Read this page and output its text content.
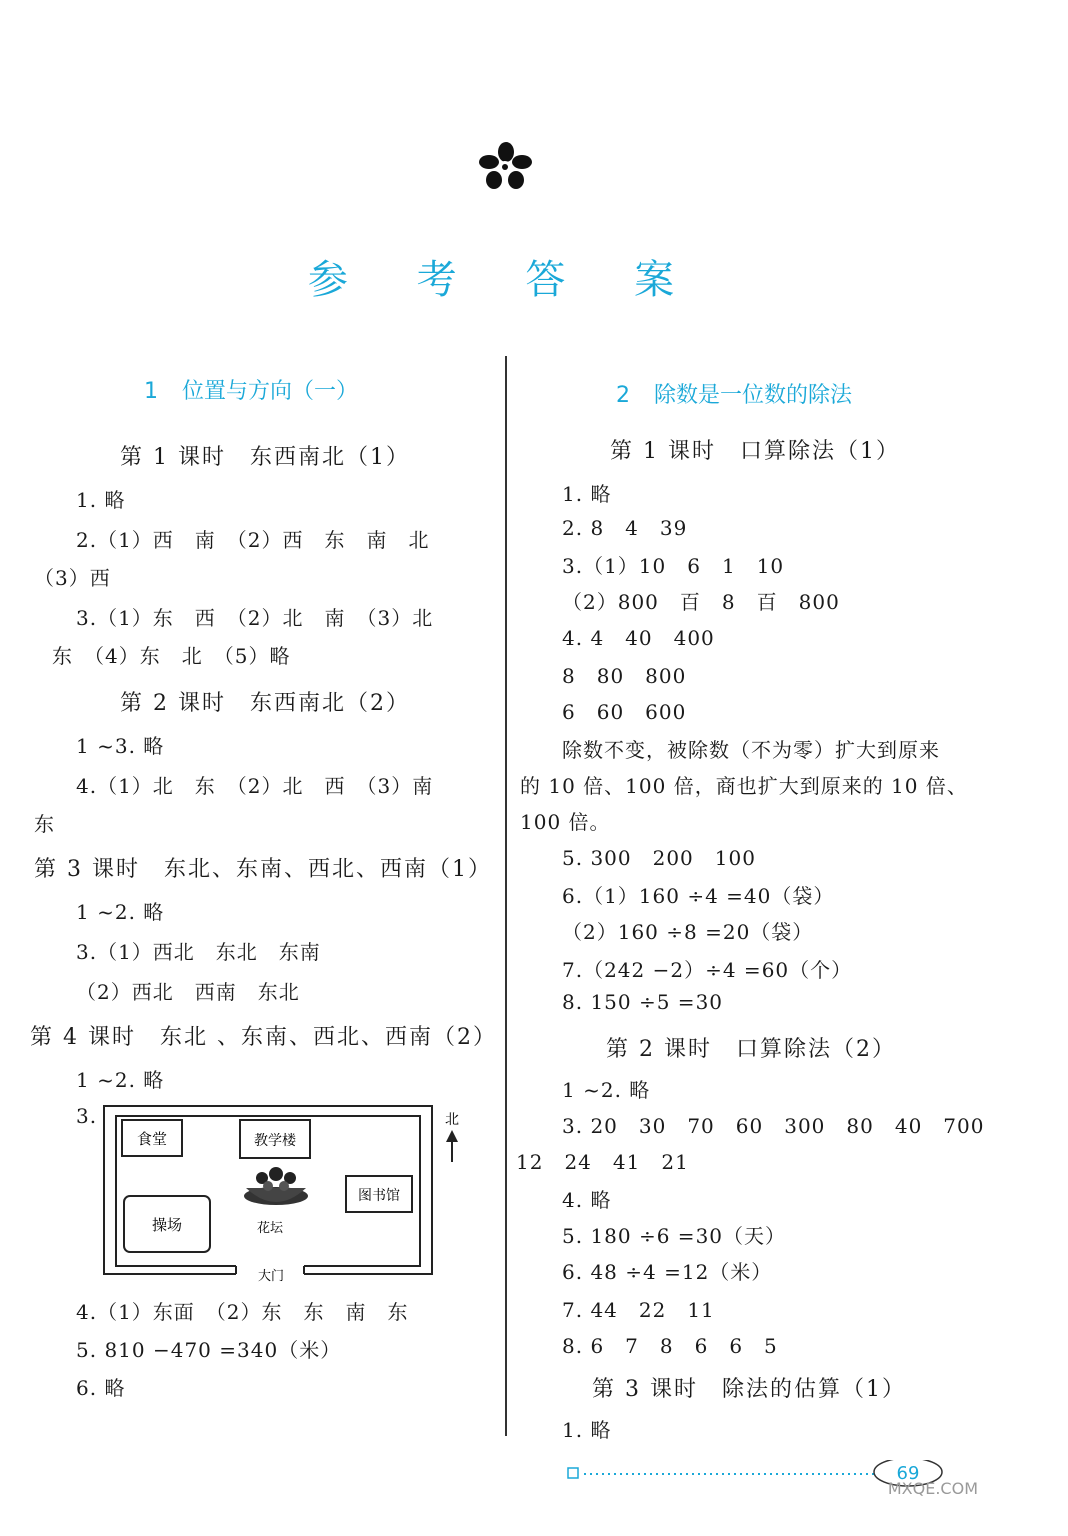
参 考 答 案
1 位置与方向（一）
第 1 课时　东西南北（1）
1. 略
2.（1）西　南　（2）西　东　南　北
（3）西
3.（1）东　西　（2）北　南　（3）北
东　（4）东　北　（5）略
第 2 课时　东西南北（2）
1 ~3. 略
4.（1）北　东　（2）北　西　（3）南
东
第 3 课时　东北、东南、西北、西南（1）
1 ~2. 略
3.（1）西北　东北　东南
（2）西北　西南　东北
第 4 课时　东北 、东南、西北、西南（2）
1 ~2. 略
3.
食堂	教学楼
图书馆
操场	花坛
大门
北
4.（1）东面　（2）东　东　南　东
5. 810 −470 =340（米）
6. 略
2 除数是一位数的除法
第 1 课时　口算除法（1）
1. 略
2. 8　4　39
3.（1）10　6　1　10
（2）800　百　8　百　800
4. 4　40　400
8　80　800
6　60　600
除数不变，被除数（不为零）扩大到原来
的 10 倍、100 倍，商也扩大到原来的 10 倍、
100 倍。
5. 300　200　100
6.（1）160 ÷4 =40（袋）
（2）160 ÷8 =20（袋）
7.（242 −2）÷4 =60（个）
8. 150 ÷5 =30
第 2 课时　口算除法（2）
1 ~2. 略
3. 20　30　70　60　300　80　40　700
12　24　41　21
4. 略
5. 180 ÷6 =30（天）
6. 48 ÷4 =12（米）
7. 44　22　11
8. 6　7　8　6　6　5
第 3 课时　除法的估算（1）
1. 略
69
MXQE.COM
